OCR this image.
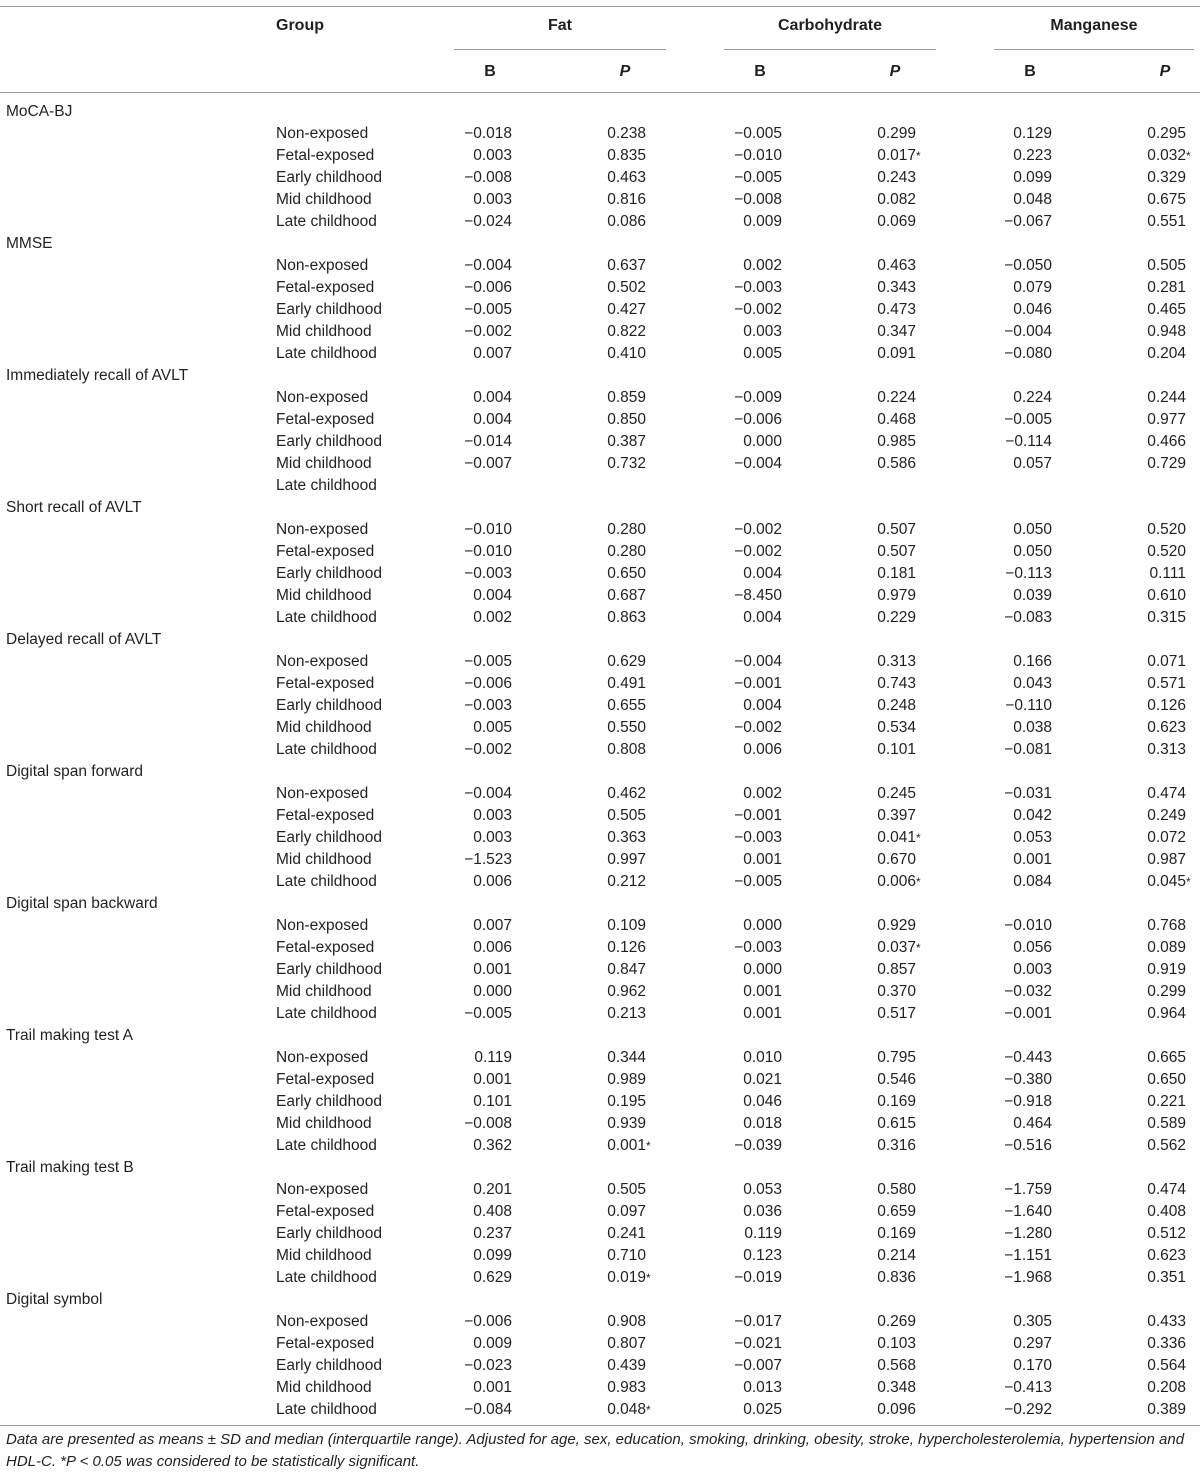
Group	Fat	Carbohydrate	Manganese
B	P	B	P	B	P
MoCA-BJ
Non-exposed	−0.018	0.238	−0.005	0.299	0.129	0.295
Fetal-exposed	0.003	0.835	−0.010	0.017 *	0.223	0.032 *
Early childhood	−0.008	0.463	−0.005	0.243	0.099	0.329
Mid childhood	0.003	0.816	−0.008	0.082	0.048	0.675
Late childhood	−0.024	0.086	0.009	0.069	−0.067	0.551
MMSE
Non-exposed	−0.004	0.637	0.002	0.463	−0.050	0.505
Fetal-exposed	−0.006	0.502	−0.003	0.343	0.079	0.281
Early childhood	−0.005	0.427	−0.002	0.473	0.046	0.465
Mid childhood	−0.002	0.822	0.003	0.347	−0.004	0.948
Late childhood	0.007	0.410	0.005	0.091	−0.080	0.204
Immediately recall of AVLT
Non-exposed	0.004	0.859	−0.009	0.224	0.224	0.244
Fetal-exposed	0.004	0.850	−0.006	0.468	−0.005	0.977
Early childhood	−0.014	0.387	0.000	0.985	−0.114	0.466
Mid childhood	−0.007	0.732	−0.004	0.586	0.057	0.729
Late childhood
Short recall of AVLT
Non-exposed	−0.010	0.280	−0.002	0.507	0.050	0.520
Fetal-exposed	−0.010	0.280	−0.002	0.507	0.050	0.520
Early childhood	−0.003	0.650	0.004	0.181	−0.113	0.111
Mid childhood	0.004	0.687	−8.450	0.979	0.039	0.610
Late childhood	0.002	0.863	0.004	0.229	−0.083	0.315
Delayed recall of AVLT
Non-exposed	−0.005	0.629	−0.004	0.313	0.166	0.071
Fetal-exposed	−0.006	0.491	−0.001	0.743	0.043	0.571
Early childhood	−0.003	0.655	0.004	0.248	−0.110	0.126
Mid childhood	0.005	0.550	−0.002	0.534	0.038	0.623
Late childhood	−0.002	0.808	0.006	0.101	−0.081	0.313
Digital span forward
Non-exposed	−0.004	0.462	0.002	0.245	−0.031	0.474
Fetal-exposed	0.003	0.505	−0.001	0.397	0.042	0.249
Early childhood	0.003	0.363	−0.003	0.041 *	0.053	0.072
Mid childhood	−1.523	0.997	0.001	0.670	0.001	0.987
Late childhood	0.006	0.212	−0.005	0.006 *	0.084	0.045 *
Digital span backward
Non-exposed	0.007	0.109	0.000	0.929	−0.010	0.768
Fetal-exposed	0.006	0.126	−0.003	0.037 *	0.056	0.089
Early childhood	0.001	0.847	0.000	0.857	0.003	0.919
Mid childhood	0.000	0.962	0.001	0.370	−0.032	0.299
Late childhood	−0.005	0.213	0.001	0.517	−0.001	0.964
Trail making test A
Non-exposed	0.119	0.344	0.010	0.795	−0.443	0.665
Fetal-exposed	0.001	0.989	0.021	0.546	−0.380	0.650
Early childhood	0.101	0.195	0.046	0.169	−0.918	0.221
Mid childhood	−0.008	0.939	0.018	0.615	0.464	0.589
Late childhood	0.362	0.001 *	−0.039	0.316	−0.516	0.562
Trail making test B
Non-exposed	0.201	0.505	0.053	0.580	−1.759	0.474
Fetal-exposed	0.408	0.097	0.036	0.659	−1.640	0.408
Early childhood	0.237	0.241	0.119	0.169	−1.280	0.512
Mid childhood	0.099	0.710	0.123	0.214	−1.151	0.623
Late childhood	0.629	0.019 *	−0.019	0.836	−1.968	0.351
Digital symbol
Non-exposed	−0.006	0.908	−0.017	0.269	0.305	0.433
Fetal-exposed	0.009	0.807	−0.021	0.103	0.297	0.336
Early childhood	−0.023	0.439	−0.007	0.568	0.170	0.564
Mid childhood	0.001	0.983	0.013	0.348	−0.413	0.208
Late childhood	−0.084	0.048 *	0.025	0.096	−0.292	0.389
Data are presented as means ± SD and median (interquartile range). Adjusted for age, sex, education, smoking, drinking, obesity, stroke, hypercholesterolemia, hypertension and HDL-C. *P < 0.05 was considered to be statistically significant.
